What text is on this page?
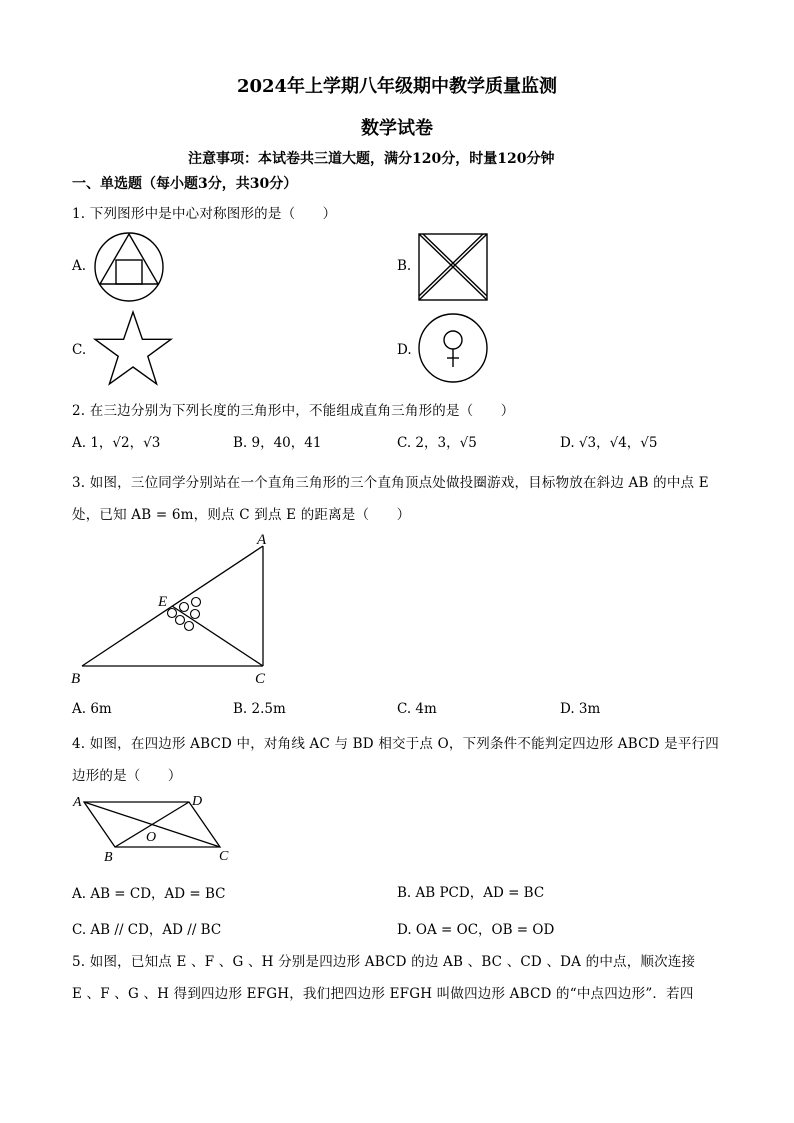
2024年上学期八年级期中教学质量监测
数学试卷
注意事项：本试卷共三道大题，满分120分，时量120分钟
一、单选题（每小题3分，共30分）
1. 下列图形中是中心对称图形的是（　　）
A.	B.
C.	D.
2. 在三边分别为下列长度的三角形中，不能组成直角三角形的是（　　）
A. 1，√2，√3	B. 9，40，41	C. 2，3，√5	D. √3，√4，√5
3. 如图，三位同学分别站在一个直角三角形的三个直角顶点处做投圈游戏，目标物放在斜边 AB 的中点 E
处，已知 AB = 6m，则点 C 到点 E 的距离是（　　）
A
E
B	C
A. 6m	B. 2.5m	C. 4m	D. 3m
4. 如图，在四边形 ABCD 中，对角线 AC 与 BD 相交于点 O，下列条件不能判定四边形 ABCD 是平行四
边形的是（　　）
A	D
O
B	C
A. AB = CD，AD = BC	B. AB PCD，AD = BC
C. AB // CD，AD // BC	D. OA = OC，OB = OD
5. 如图，已知点 E 、F 、G 、H 分别是四边形 ABCD 的边 AB 、BC 、CD 、DA 的中点，顺次连接
E 、F 、G 、H 得到四边形 EFGH，我们把四边形 EFGH 叫做四边形 ABCD 的“中点四边形”．若四
